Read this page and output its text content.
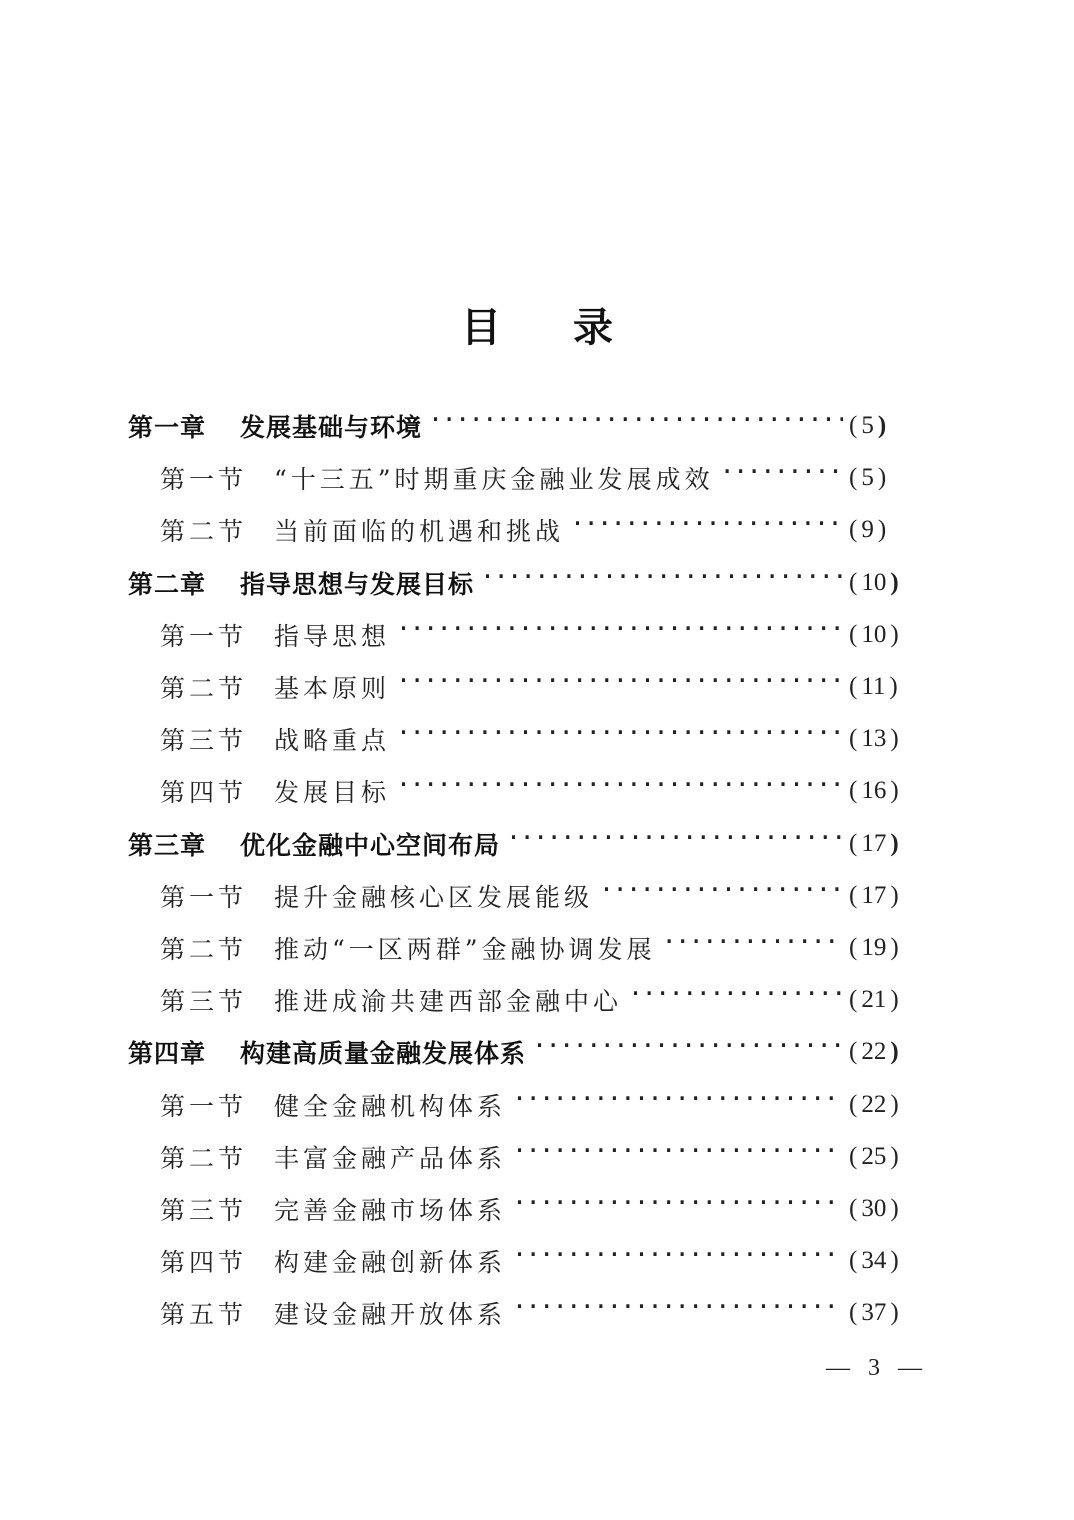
目录
第一章	发展基础与环境 ·····	( 5 )
第一节	“十三五”时期重庆金融业发展成效 ·····	( 5 )
第二节	当前面临的机遇和挑战 ·····	( 9 )
第二章	指导思想与发展目标 ·····	( 10 )
第一节	指导思想 ·····	( 10 )
第二节	基本原则 ·····	( 11 )
第三节	战略重点 ·····	( 13 )
第四节	发展目标 ·····	( 16 )
第三章	优化金融中心空间布局 ·····	( 17 )
第一节	提升金融核心区发展能级 ·····	( 17 )
第二节	推动“一区两群”金融协调发展 ·····	( 19 )
第三节	推进成渝共建西部金融中心 ·····	( 21 )
第四章	构建高质量金融发展体系 ·····	( 22 )
第一节	健全金融机构体系 ·····	( 22 )
第二节	丰富金融产品体系 ·····	( 25 )
第三节	完善金融市场体系 ·····	( 30 )
第四节	构建金融创新体系 ·····	( 34 )
第五节	建设金融开放体系 ·····	( 37 )
— 3 —
